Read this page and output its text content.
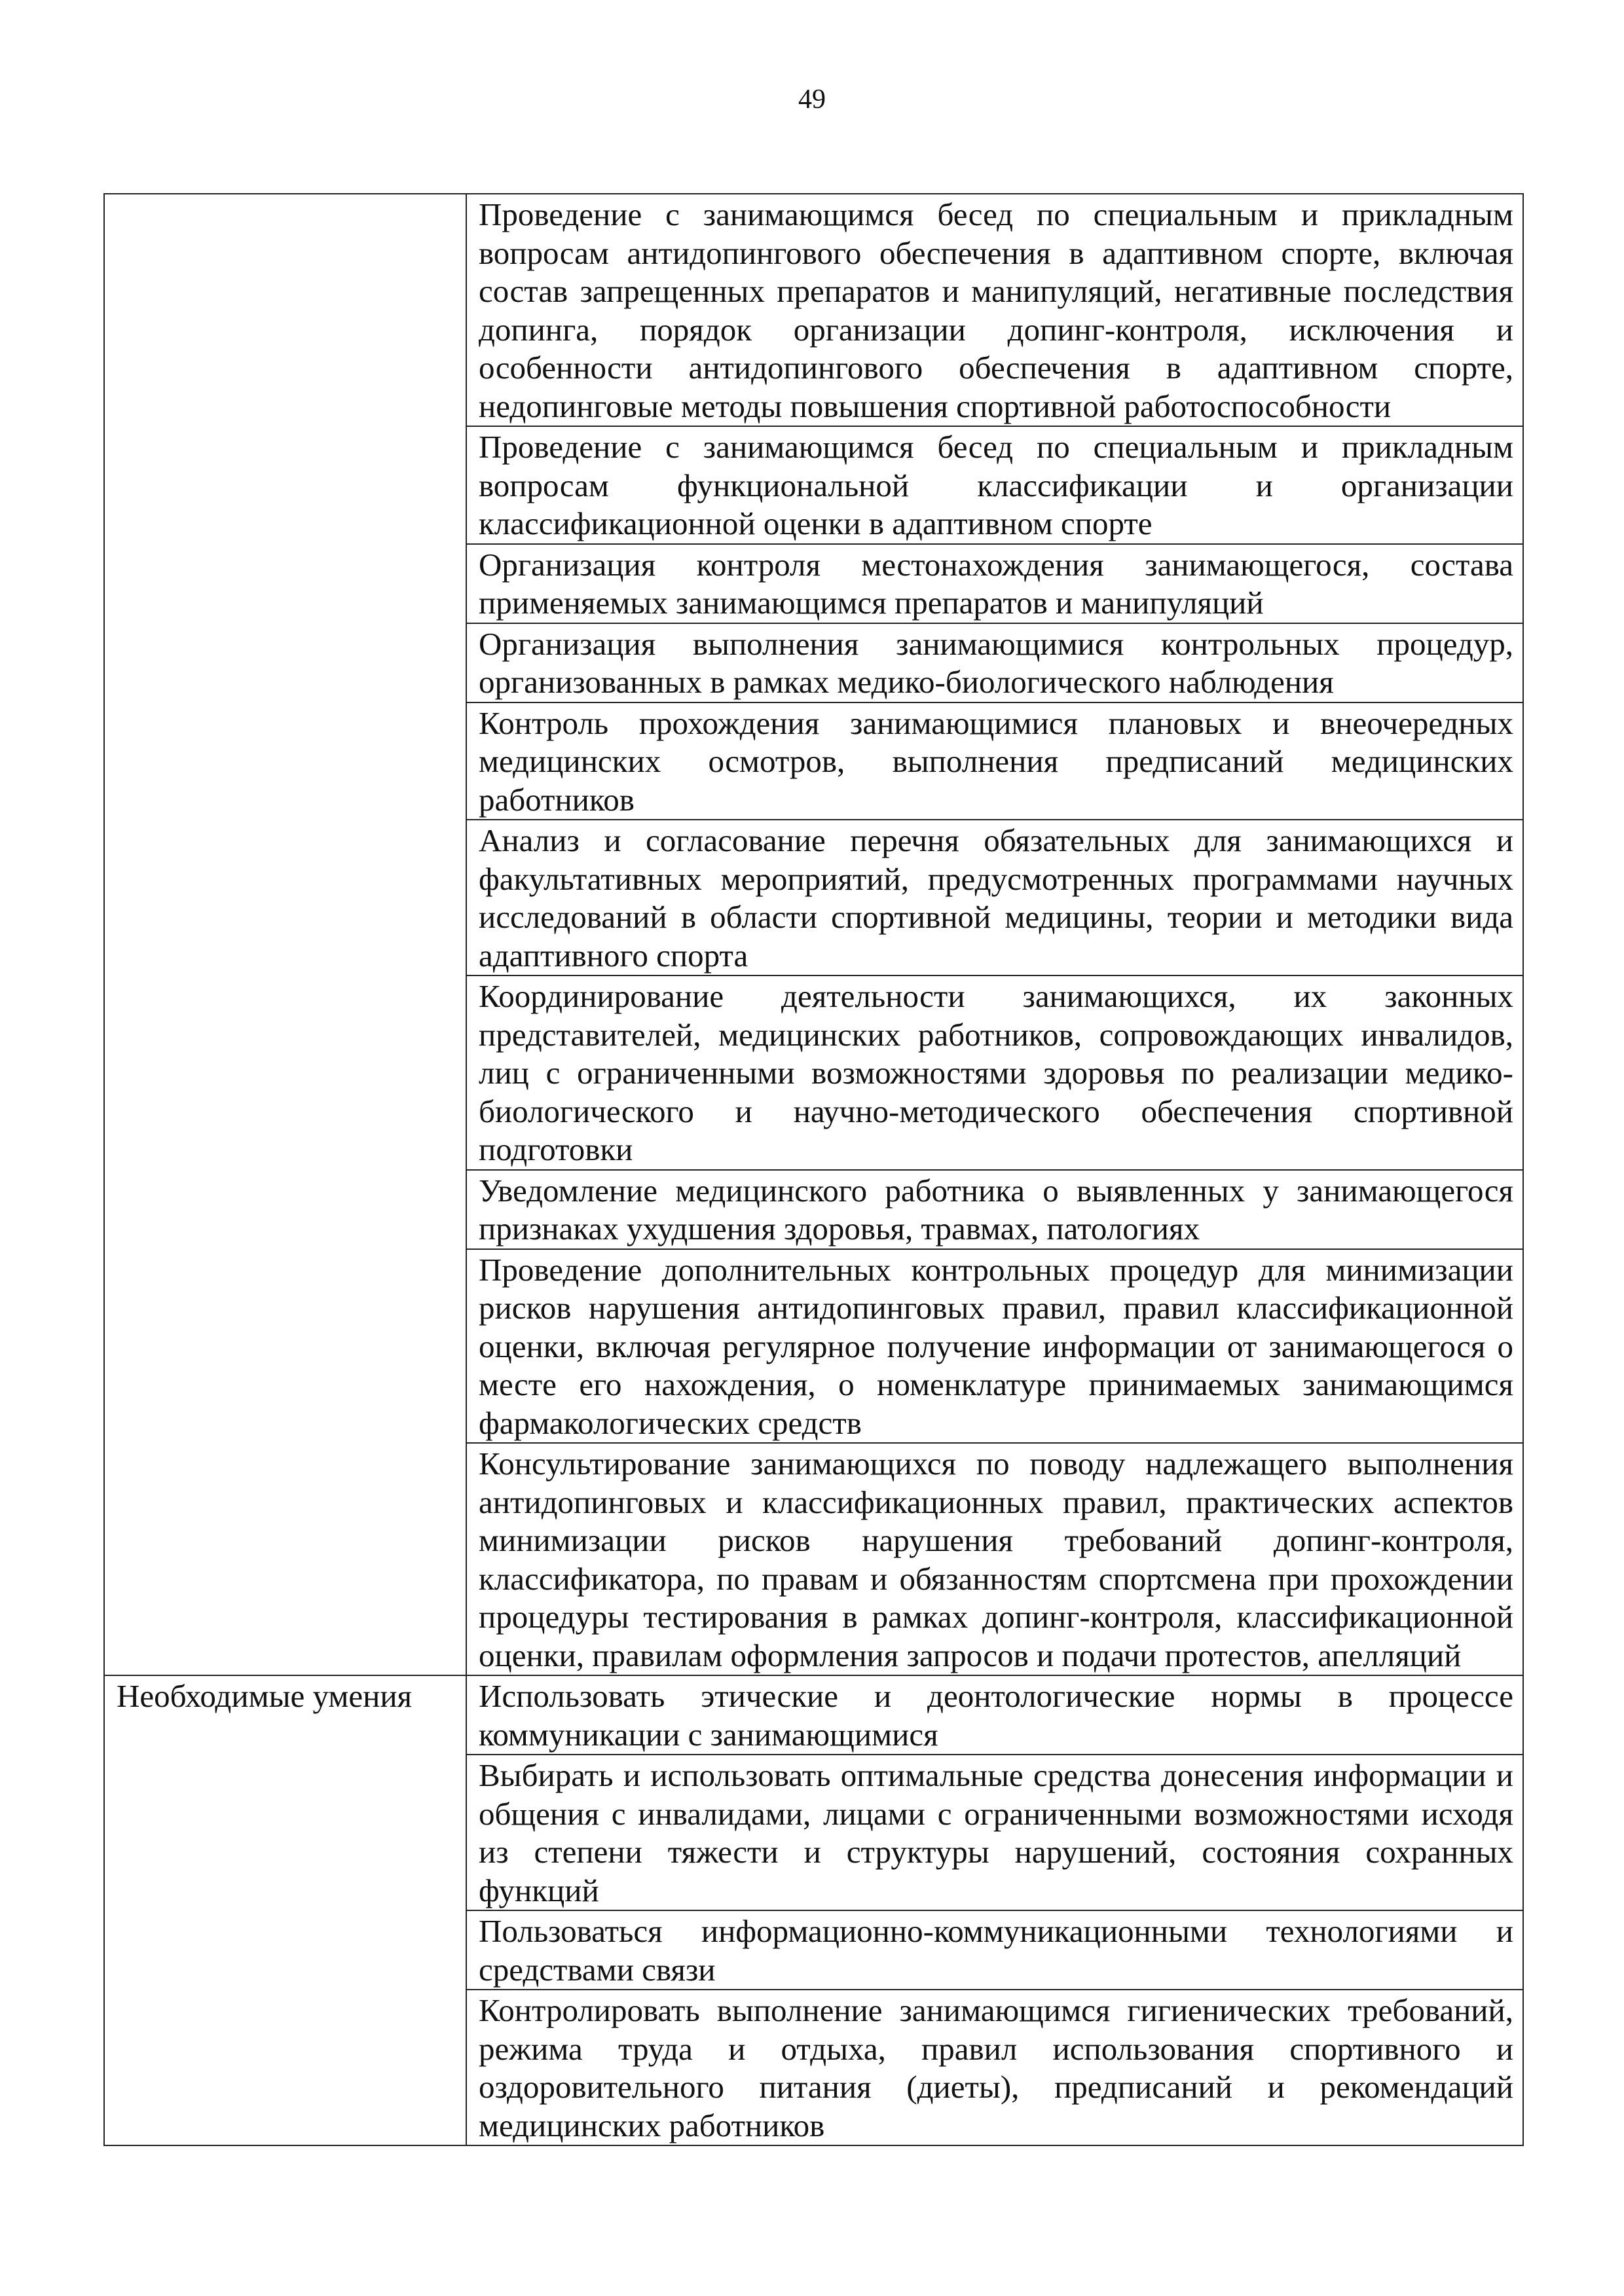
49
	Проведение с занимающимся бесед по специальным и прикладным вопросам антидопингового обеспечения в адаптивном спорте, включая состав запрещенных препаратов и манипуляций, негативные последствия допинга, порядок организации допинг-контроля, исключения и особенности антидопингового обеспечения в адаптивном спорте, недопинговые методы повышения спортивной работоспособности
	Проведение с занимающимся бесед по специальным и прикладным вопросам функциональной классификации и организации классификационной оценки в адаптивном спорте
	Организация контроля местонахождения занимающегося, состава применяемых занимающимся препаратов и манипуляций
	Организация выполнения занимающимися контрольных процедур, организованных в рамках медико-биологического наблюдения
	Контроль прохождения занимающимися плановых и внеочередных медицинских осмотров, выполнения предписаний медицинских работников
	Анализ и согласование перечня обязательных для занимающихся и факультативных мероприятий, предусмотренных программами научных исследований в области спортивной медицины, теории и методики вида адаптивного спорта
	Координирование деятельности занимающихся, их законных представителей, медицинских работников, сопровождающих инвалидов, лиц с ограниченными возможностями здоровья по реализации медико-биологического и научно-методического обеспечения спортивной подготовки
	Уведомление медицинского работника о выявленных у занимающегося признаках ухудшения здоровья, травмах, патологиях
	Проведение дополнительных контрольных процедур для минимизации рисков нарушения антидопинговых правил, правил классификационной оценки, включая регулярное получение информации от занимающегося о месте его нахождения, о номенклатуре принимаемых занимающимся фармакологических средств
	Консультирование занимающихся по поводу надлежащего выполнения антидопинговых и классификационных правил, практических аспектов минимизации рисков нарушения требований допинг-контроля, классификатора, по правам и обязанностям спортсмена при прохождении процедуры тестирования в рамках допинг-контроля, классификационной оценки, правилам оформления запросов и подачи протестов, апелляций
Необходимые умения	Использовать этические и деонтологические нормы в процессе коммуникации с занимающимися
	Выбирать и использовать оптимальные средства донесения информации и общения с инвалидами, лицами с ограниченными возможностями исходя из степени тяжести и структуры нарушений, состояния сохранных функций
	Пользоваться информационно-коммуникационными технологиями и средствами связи
	Контролировать выполнение занимающимся гигиенических требований, режима труда и отдыха, правил использования спортивного и оздоровительного питания (диеты), предписаний и рекомендаций медицинских работников
